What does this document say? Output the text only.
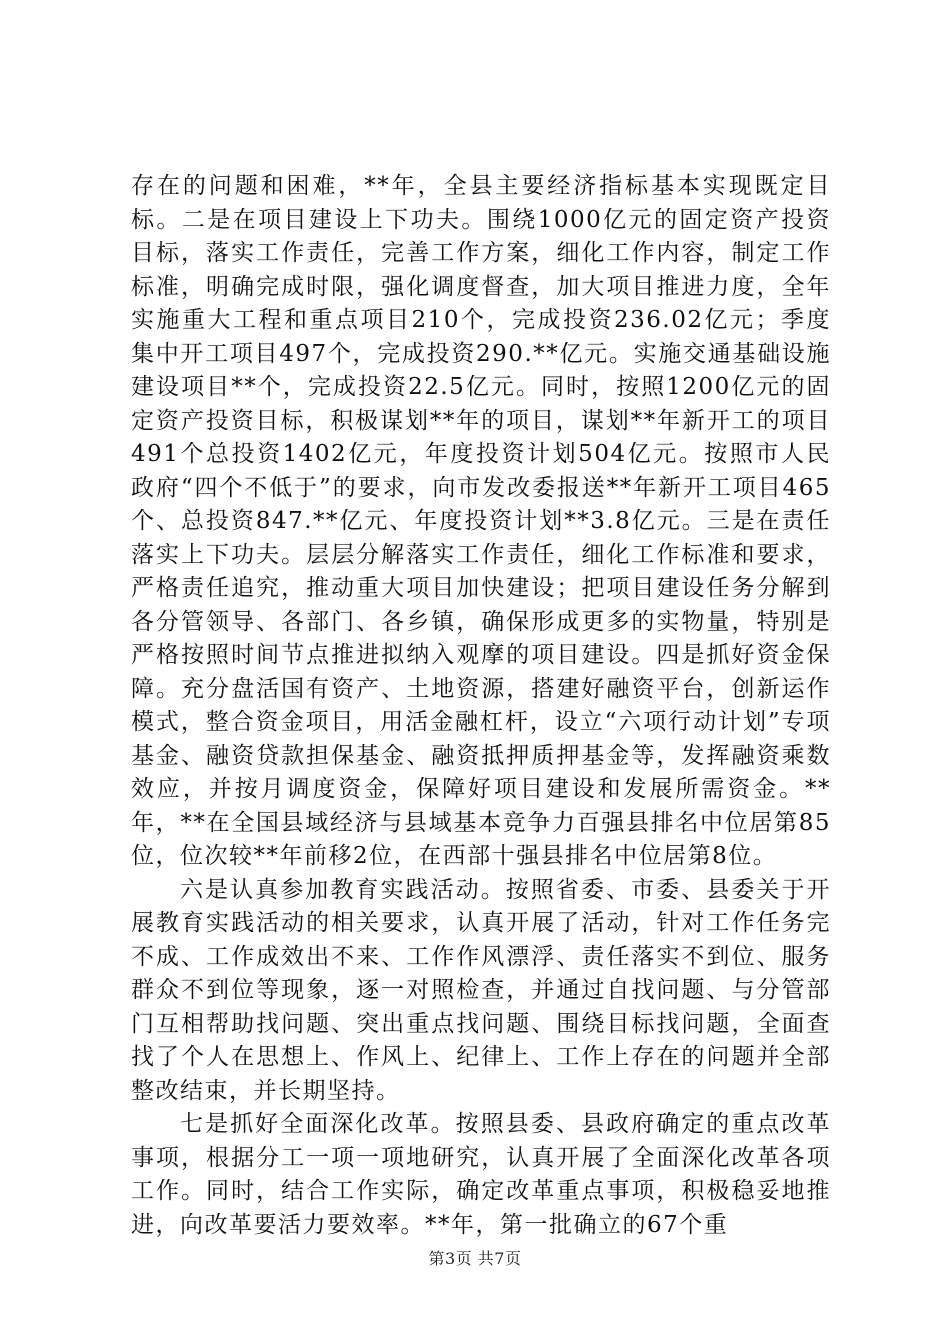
存在的问题和困难，**年，全县主要经济指标基本实现既定目标。二是在项目建设上下功夫。围绕1000亿元的固定资产投资目标，落实工作责任，完善工作方案，细化工作内容，制定工作标准，明确完成时限，强化调度督查，加大项目推进力度，全年实施重大工程和重点项目210个，完成投资236.02亿元；季度集中开工项目497个，完成投资290.**亿元。实施交通基础设施建设项目**个，完成投资22.5亿元。同时，按照1200亿元的固定资产投资目标，积极谋划**年的项目，谋划**年新开工的项目491个总投资1402亿元，年度投资计划504亿元。按照市人民政府“四个不低于”的要求，向市发改委报送**年新开工项目465个、总投资847.**亿元、年度投资计划**3.8亿元。三是在责任落实上下功夫。层层分解落实工作责任，细化工作标准和要求，严格责任追究，推动重大项目加快建设；把项目建设任务分解到各分管领导、各部门、各乡镇，确保形成更多的实物量，特别是严格按照时间节点推进拟纳入观摩的项目建设。四是抓好资金保障。充分盘活国有资产、土地资源，搭建好融资平台，创新运作模式，整合资金项目，用活金融杠杆，设立“六项行动计划”专项基金、融资贷款担保基金、融资抵押质押基金等，发挥融资乘数效应，并按月调度资金，保障好项目建设和发展所需资金。**年，**在全国县域经济与县域基本竞争力百强县排名中位居第85位，位次较**年前移2位，在西部十强县排名中位居第8位。

六是认真参加教育实践活动。按照省委、市委、县委关于开展教育实践活动的相关要求，认真开展了活动，针对工作任务完不成、工作成效出不来、工作作风漂浮、责任落实不到位、服务群众不到位等现象，逐一对照检查，并通过自找问题、与分管部门互相帮助找问题、突出重点找问题、围绕目标找问题，全面查找了个人在思想上、作风上、纪律上、工作上存在的问题并全部整改结束，并长期坚持。

七是抓好全面深化改革。按照县委、县政府确定的重点改革事项，根据分工一项一项地研究，认真开展了全面深化改革各项工作。同时，结合工作实际，确定改革重点事项，积极稳妥地推进，向改革要活力要效率。**年，第一批确立的67个重

第3页 共7页
